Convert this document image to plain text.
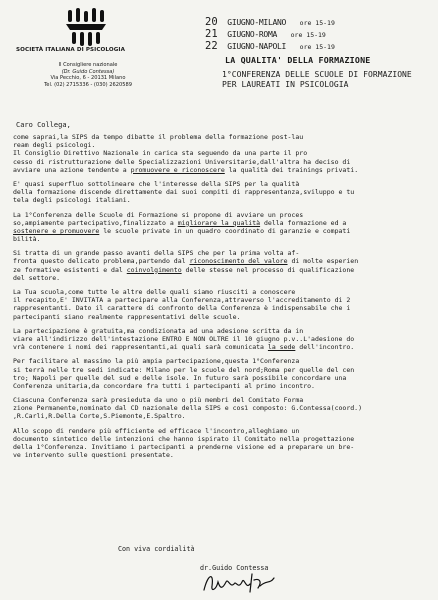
SOCIETÀ ITALIANA DI PSICOLOGIA
Il Consigliere nazionale
(Dr. Guido Contessa)
Via Pecchio, 6 - 20131 Milano
Tel. (02) 2715336 - (030) 2620589
20 GIUGNO-MILANO ore 15-19
21 GIUGNO-ROMA ore 15-19
22 GIUGNO-NAPOLI ore 15-19
LA QUALITA' DELLA FORMAZIONE
1°CONFERENZA DELLE SCUOLE DI FORMAZIONE
PER LAUREATI IN PSICOLOGIA
Caro Collega,
come saprai,la SIPS da tempo dibatte il problema della formazione post-lau
ream degli psicologi.
Il Consiglio Direttivo Nazionale in carica sta seguendo da una parte il pro
cesso di ristrutturazione delle Specializzazioni Universitarie,dall'altra ha deciso di
avviare una azione tendente a promuovere e riconoscere la qualità dei trainings privati.
E' quasi superfluo sottolineare che l'interesse della SIPS per la qualità
della formazione discende direttamente dai suoi compiti di rappresentanza,sviluppo e tu
tela degli psicologi italiani.
La 1°Conferenza delle Scuole di Formazione si propone di avviare un proces
so,ampiamente partecipativo,finalizzato a migliorare la qualità della formazione ed a
sostenere e promuovere le scuole private in un quadro coordinato di garanzie e compati
bilità.
Si tratta di un grande passo avanti della SIPS che per la prima volta af-
fronta questo delicato problema,partendo dal riconoscimento del valore di molte esperien
ze formative esistenti e dal coinvolgimento delle stesse nel processo di qualificazione
del settore.
La Tua scuola,come tutte le altre delle quali siamo riusciti a conoscere
il recapito,E' INVITATA a partecipare alla Conferenza,attraverso l'accreditamento di 2
rappresentanti. Dato il carattere di confronto della Conferenza è indispensabile che i
partecipanti siano realmente rappresentativi delle scuole.
La partecipazione è gratuita,ma condizionata ad una adesione scritta da in
viare all'indirizzo dell'intestazione ENTRO E NON OLTRE il 10 giugno p.v..L'adesione do
vrà contenere i nomi dei rappresentanti,ai quali sarà comunicata la sede dell'incontro.
Per facilitare al massimo la più ampia partecipazione,questa 1°Conferenza
si terrà nelle tre sedi indicate: Milano per le scuole del nord;Roma per quelle del cen
tro; Napoli per quelle del sud e delle isole. In futuro sarà possibile concordare una
Conferenza unitaria,da concordare fra tutti i partecipanti al primo incontro.
Ciascuna Conferenza sarà presieduta da uno o più membri del Comitato Forma
zione Permanente,nominato dal CD nazionale della SIPS e così composto: G.Contessa(coord.)
,R.Carli,R.Della Corte,S.Piemonte,E.Spaltro.
Allo scopo di rendere più efficiente ed efficace l'incontro,alleghiamo un
documento sintetico delle intenzioni che hanno ispirato il Comitato nella progettazione
della 1°Conferenza. Invitiamo i partecipanti a prenderne visione ed a preparare un bre-
ve intervento sulle questioni presentate.
Con viva cordialità
dr.Guido Contessa
